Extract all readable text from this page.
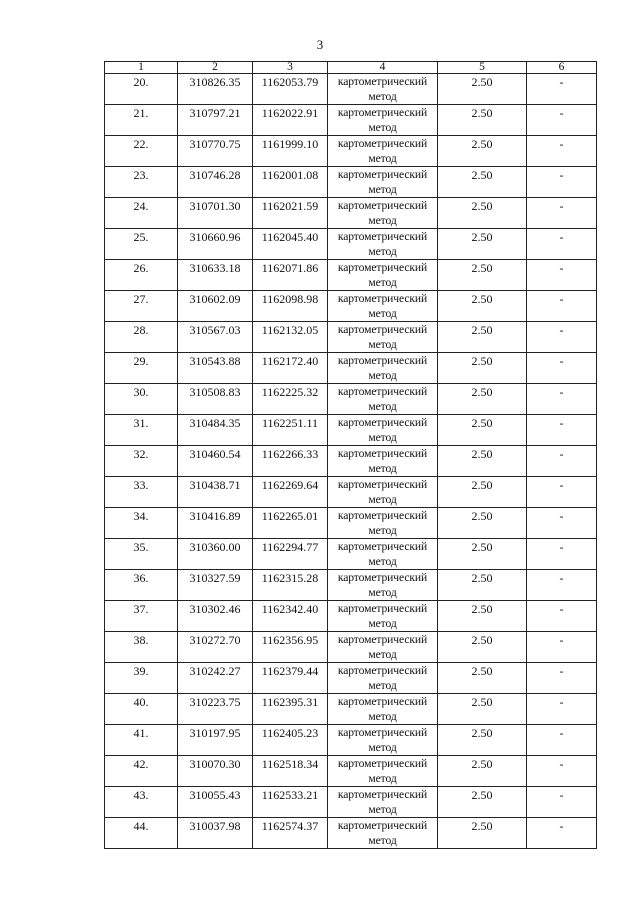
3
1	2	3	4	5	6
20.	310826.35	1162053.79	картометрический метод	2.50	-
21.	310797.21	1162022.91	картометрический метод	2.50	-
22.	310770.75	1161999.10	картометрический метод	2.50	-
23.	310746.28	1162001.08	картометрический метод	2.50	-
24.	310701.30	1162021.59	картометрический метод	2.50	-
25.	310660.96	1162045.40	картометрический метод	2.50	-
26.	310633.18	1162071.86	картометрический метод	2.50	-
27.	310602.09	1162098.98	картометрический метод	2.50	-
28.	310567.03	1162132.05	картометрический метод	2.50	-
29.	310543.88	1162172.40	картометрический метод	2.50	-
30.	310508.83	1162225.32	картометрический метод	2.50	-
31.	310484.35	1162251.11	картометрический метод	2.50	-
32.	310460.54	1162266.33	картометрический метод	2.50	-
33.	310438.71	1162269.64	картометрический метод	2.50	-
34.	310416.89	1162265.01	картометрический метод	2.50	-
35.	310360.00	1162294.77	картометрический метод	2.50	-
36.	310327.59	1162315.28	картометрический метод	2.50	-
37.	310302.46	1162342.40	картометрический метод	2.50	-
38.	310272.70	1162356.95	картометрический метод	2.50	-
39.	310242.27	1162379.44	картометрический метод	2.50	-
40.	310223.75	1162395.31	картометрический метод	2.50	-
41.	310197.95	1162405.23	картометрический метод	2.50	-
42.	310070.30	1162518.34	картометрический метод	2.50	-
43.	310055.43	1162533.21	картометрический метод	2.50	-
44.	310037.98	1162574.37	картометрический метод	2.50	-
